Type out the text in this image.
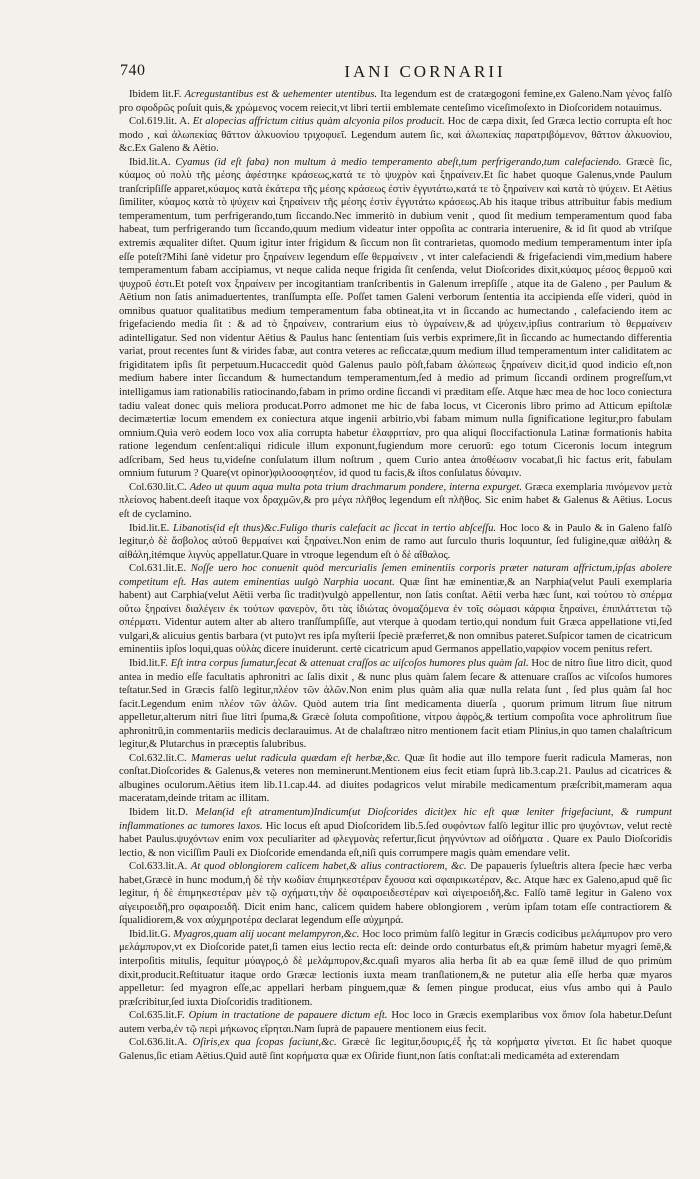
740	IANI CORNARII

Ibidem lit.F. Acregustantibus est & uehementer utentibus. Ita legendum est de cratægogoni femine,ex Galeno.Nam γένος falſò pro σφοδρῶς poſuit quis,& χρώμενος vocem reiecit,vt libri tertii emblemate centeſimo viceſimoſexto in Dioſcoridem notauimus.

Col.619.lit. A. Et alopecias affrictum citius quàm alcyonia pilos producit. Hoc de cæpa dixit, ſed Græca lectio corrupta eſt hoc modo , καὶ ἀλωπεκίας θᾶττον ἀλκυονίου τριχοφυεῖ. Legendum autem ſic, καὶ ἀλωπεκίας παρατριβόμενον, θᾶττον ἀλκυονίου, &c.Ex Galeno & Aëtio.

Ibid.lit.A. Cyamus (id eſt faba) non multum à medio temperamento abeſt,tum perfrigerando,tum calefaciendo. Græcè ſic, κύαμος οὐ πολὺ τῆς μέσης ἀφέστηκε κράσεως,κατά τε τὸ ψυχρὸν καὶ ξηραίνειν.Et ſic habet quoque Galenus,vnde Paulum tranſcripſiſſe apparet,κύαμος κατὰ ἐκάτερα τῆς μέσης κράσεως ἐστὶν ἐγγυτάτω,κατά τε τὸ ξηραίνειν καὶ κατὰ τὸ ψύχειν. Et Aëtius ſimiliter, κύαμος κατὰ τὸ ψύχειν καὶ ξηραίνειν τῆς μέσης ἐστὶν ἐγγυτάτω κράσεως.Ab his itaque tribus attribuitur fabis medium temperamentum, tum perfrigerando,tum ſiccando.Nec immeritò in dubium venit , quod ſit medium temperamentum quod faba habeat, tum perfrigerando tum ſiccando,quum medium videatur inter oppoſita ac contraria interuenire, & id ſit quod ab vtriſque extremis æqualiter diſtet. Quum igitur inter frigidum & ſiccum non ſit contrarietas, quomodo medium temperamentum inter ipſa eſſe poteſt?Mihi ſanè videtur pro ξηραίνειν legendum eſſe θερμαίνειν , vt inter calefaciendi & frigefaciendi vim,medium habere temperamentum fabam accipiamus, vt neque calida neque frigida ſit cenſenda, velut Dioſcorides dixit,κύαμος μέσος θερμοῦ καὶ ψυχροῦ ἐστι.Et poteſt vox ξηραίνειν per incogitantiam tranſcribentis in Galenum irrepſiſſe , atque ita de Galeno , per Paulum & Aëtium non ſatis animaduertentes, tranſſumpta eſſe. Poſſet tamen Galeni verborum ſententia ita accipienda eſſe videri, quòd in omnibus quatuor qualitatibus medium temperamentum faba obtineat,ita vt in ſiccando ac humectando , calefaciendo item ac frigefaciendo media ſit : & ad τὸ ξηραίνειν, contrarium eius τὸ ὑγραίνειν,& ad ψύχειν,ipſius contrarium τὸ θερμαίνειν adintelligatur. Sed non videntur Aëtius & Paulus hanc ſententiam ſuis verbis exprimere,ſit in ſiccando ac humectando differentia variat, prout recentes ſunt & virides fabæ, aut contra veteres ac reſiccatæ,quum medium illud temperamentum inter caliditatem ac frigiditatem ipſis ſit perpetuum.Hucaccedit quòd Galenus paulo pòſt,fabam ἀλώπεως ξηραίνειν dicit,id quod indicio eſt,non medium habere inter ſiccandum & humectandum temperamentum,ſed à medio ad primum ſiccandi ordinem progreſſum,vt intelligamus iam rationabilis ratiocinando,fabam in primo ordine ſiccandi vi præditam eſſe. Atque hæc mea de hoc loco coniectura tadiu valeat donec quis meliora producat.Porro admonet me hic de faba locus, vt Ciceronis libro primo ad Atticum epiſtolæ decimætertiæ locum emendem ex coniectura atque ingenii arbitrio,vbi fabam mimum nulla ſignificatione legitur,pro fabulam omnium.Quia verò eodem loco vox alia corrupta habetur ἐλαφριτίαν, pro qua aliqui ſloccifactionula Latinæ formationis habita ratione legendum cenſent:aliqui ridicule illum exponunt,fugiendum more ceruorū: ego totum Ciceronis locum integrum adſcribam, Sed heus tu,videſne conſulatum illum noſtrum , quem Curio antea ἀποθέωσιν vocabat,ſi hic factus erit, fabulam omnium futurum ? Quare(vt opinor)φιλοσοφητέον, id quod tu facis,& iſtos conſulatus δύναμιν.

Col.630.lit.C. Adeo ut quum aqua multa pota trium drachmarum pondere, interna expurget. Græca exemplaria πινόμενον μετὰ πλείονος habent.deeſt itaque vox δραχμῶν,& pro μέγα πλῆθος legendum eſt πλῆθος. Sic enim habet & Galenus & Aëtius. Locus eſt de cyclamino.

Ibid.lit.E. Libanotis(id eſt thus)&c.Fuligo thuris calefacit ac ſiccat in tertio abſceſſu. Hoc loco & in Paulo & in Galeno falſò legitur,ὁ δὲ ἄσβολος αὐτοῦ θερμαίνει καὶ ξηραίνει.Non enim de ramo aut ſurculo thuris loquuntur, ſed fuligine,quæ αἰθάλη & αἰθάλη,itémque λιγνὺς appellatur.Quare in vtroque legendum eſt ὁ δὲ αἴθαλος.

Col.631.lit.E. Noſſe uero hoc conuenit quòd mercurialis ſemen eminentiis corporis præter naturam affrictum,ipſas abolere competitum eſt. Has autem eminentias uulgò Narphia uocant. Quæ ſint hæ eminentiæ,& an Narphia(velut Pauli exemplaria habent) aut Carphia(velut Aëtii verba ſic tradit)vulgò appellentur, non ſatis conſtat. Aëtii verba hæc ſunt, καὶ τούτου τὸ σπέρμα οὕτω ξηραίνει διαλέγειν ἐκ τούτων φανερὸν, ὅτι τὰς ἰδιώτας ὀνομαζόμενα ἐν τοῖς σώμασι κάρφια ξηραίνει, ἐπιπλάττεται τῷ σπέρματι. Videntur autem alter ab altero tranſſumpſiſſe, aut vterque à quodam tertio,qui nondum fuit Græca appellatione vti,ſed vulgari,& alicuius gentis barbara (vt puto)vt res ipſa myſterii ſpeciè præferret,& non omnibus pateret.Suſpicor tamen de cicatricum eminentiis ipſos loqui,quas οὐλὰς dicere inuiderunt. certè cicatricum apud Germanos appellatio,ναρφίον vocem penitus refert.

Ibid.lit.F. Eſt intra corpus ſumatur,ſecat & attenuat craſſos ac uiſcoſos humores plus quàm ſal. Hoc de nitro ſiue litro dicit, quod antea in medio eſſe facultatis aphronitri ac ſalis dixit , & nunc plus quàm ſalem ſecare & attenuare craſſos ac viſcoſos humores teſtatur.Sed in Græcis falſò legitur,πλέον τῶν ἁλῶν.Non enim plus quàm alia quæ nulla relata ſunt , ſed plus quàm ſal hoc facit.Legendum enim πλέον τῶν ἁλῶν. Quòd autem tria ſint medicamenta diuerſa , quorum primum litrum ſiue nitrum appelletur,alterum nitri ſiue litri ſpuma,& Græcè ſoluta compoſitione, νίτρου ἀφρὸς,& tertium compoſita voce aphrolitrum ſiue aphronitrū,in commentariis medicis declarauimus. At de chalaſtræo nitro mentionem facit etiam Plinius,in quo tamen chalaſtricum legitur,& Plutarchus in præceptis ſalubribus.

Col.632.lit.C. Mameras uelut radicula quædam eſt herbæ,&c. Quæ ſit hodie aut illo tempore fuerit radicula Mameras, non conſtat.Dioſcorides & Galenus,& veteres non meminerunt.Mentionem eius fecit etiam ſuprà lib.3.cap.21. Paulus ad cicatrices & albugines oculorum.Aëtius item lib.11.cap.44. ad diuites podagricos velut mirabile medicamentum præſcribit,mameram aqua maceratam,deinde tritam ac illitam.

Ibidem lit.D. Melan(id eſt atramentum)Indicum(ut Dioſcorides dicit)ex hic eſt quæ leniter frigefaciunt, & rumpunt inflammationes ac tumores laxos. Hic locus eſt apud Dioſcoridem lib.5.ſed συφόντων falſò legitur illic pro ψυχόντων, velut rectè habet Paulus.ψυχόντων enim vox peculiariter ad φλεγμονὰς refertur,ſicut ῥηγνύντων ad οἰδήματα . Quare ex Paulo Dioſcoridis lectio, & non viciſſim Pauli ex Dioſcoride emendanda eſt,niſi quis corrumpere magis quàm emendare velit.

Col.633.lit.A. At quod oblongiorem calicem habet,& alius contractiorem, &c. De papaueris ſylueſtris altera ſpecie hæc verba habet,Græcè in hunc modum,ἡ δὲ τὴν κωδίαν ἐπιμηκεστέραν ἔχουσα καὶ σφαιρικωτέραν, &c. Atque hæc ex Galeno,apud quē ſic legitur, ἡ δὲ ἐπιμηκεστέραν μὲν τῷ σχήματι,τὴν δὲ σφαιροειδεστέραν καὶ αἰγειροειδῆ,&c. Falſò tamē legitur in Galeno vox αἰγειροειδῆ,pro σφαιροειδῆ. Dicit enim hanc, calicem quidem habere oblongiorem , verùm ipſam totam eſſe contractiorem & ſqualidiorem,& vox αὐχμηροτέρα declarat legendum eſſe αὐχμηρά.

Ibid.lit.G. Myagros,quam alij uocant melampyron,&c. Hoc loco primùm falſò legitur in Græcis codicibus μελάμπυρον pro vero μελάμπυρον,vt ex Dioſcoride patet,ſi tamen eius lectio recta eſt: deinde ordo conturbatus eſt,& primùm habetur myagri ſemē,& interpoſitis mitulis, ſequitur μύαγρος,ὁ δὲ μελάμπυρον,&c.quaſi myaros alia herba ſit ab ea quæ ſemē illud de quo primùm dixit,producit.Reſtituatur itaque ordo Græcæ lectionis iuxta meam tranſlationem,& ne putetur alia eſſe herba quæ myaros appelletur: ſed myagron eſſe,ac appellari herbam pinguem,quæ & ſemen pingue producat, eius vſus ambo qui à Paulo præſcribitur,ſed iuxta Dioſcoridis traditionem.

Col.635.lit.F. Opium in tractatione de papauere dictum eſt. Hoc loco in Græcis exemplaribus vox ὄπιον ſola habetur.Deſunt autem verba,ἐν τῷ περὶ μήκωνος εἴρηται.Nam ſuprà de papauere mentionem eius fecit.

Col.636.lit.A. Oſiris,ex qua ſcopas faciunt,&c. Græcè ſic legitur,ὄσυρις,ἐξ ἧς τὰ κορήματα γίνεται. Et ſic habet quoque Galenus,ſic etiam Aëtius.Quid autē ſint κορήματα quæ ex Oſiride fiunt,non ſatis conſtat:ali medicaméta ad exterendam
